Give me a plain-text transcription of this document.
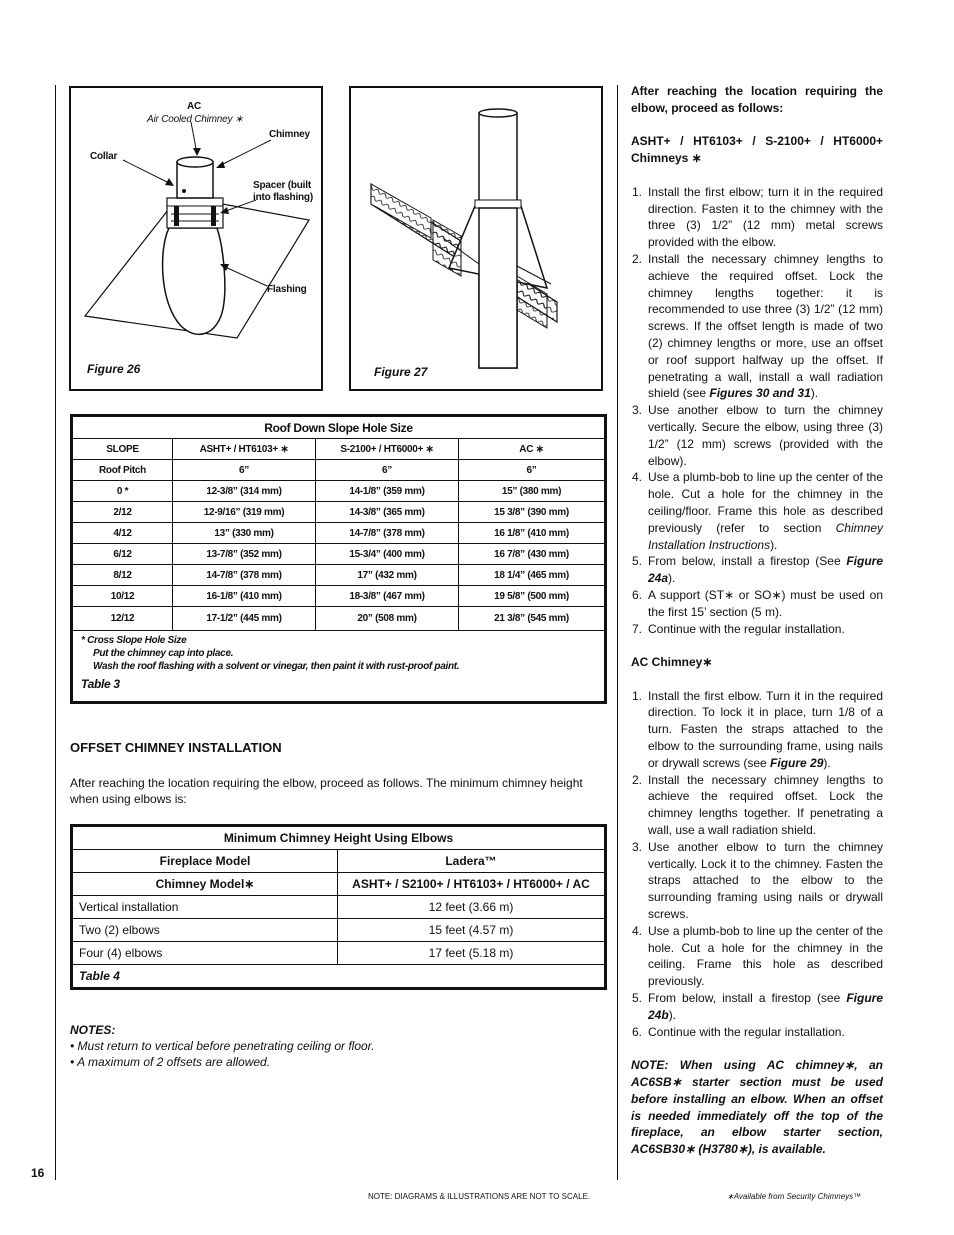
AC
Air Cooled Chimney ∗
Chimney
Collar
Spacer (built
into flashing)
Flashing
Figure 26	Figure 27
Roof Down Slope Hole Size			
SLOPE	ASHT+ / HT6103+ ∗	S-2100+ / HT6000+ ∗	AC ∗
Roof Pitch	6”	6”	6”
0 *	12-3/8” (314 mm)	14-1/8” (359 mm)	15” (380 mm)
2/12	12-9/16” (319 mm)	14-3/8” (365 mm)	15 3/8” (390 mm)
4/12	13” (330 mm)	14-7/8” (378 mm)	16 1/8” (410 mm)
6/12	13-7/8” (352 mm)	15-3/4” (400 mm)	16 7/8” (430 mm)
8/12	14-7/8” (378 mm)	17” (432 mm)	18 1/4” (465 mm)
10/12	16-1/8” (410 mm)	18-3/8” (467 mm)	19 5/8” (500 mm)
12/12	17-1/2” (445 mm)	20” (508 mm)	21 3/8” (545 mm)

* Cross Slope Hole Size
Put the chimney cap into place.
Wash the roof flashing with a solvent or vinegar, then paint it with rust-proof paint.
Table 3			
OFFSET CHIMNEY INSTALLATION
After reaching the location requiring the elbow, proceed as follows. The minimum chimney height when using elbows is:
Minimum Chimney Height Using Elbows	
Fireplace Model	Ladera™
Chimney Model∗	ASHT+ / S2100+ / HT6103+ / HT6000+ / AC
Vertical installation	12 feet (3.66 m)
Two (2) elbows	15 feet (4.57 m)
Four (4) elbows	17 feet (5.18 m)
Table 4	
NOTES:
• Must return to vertical before penetrating ceiling or floor.
• A maximum of 2 offsets are allowed.

After reaching the location requiring the elbow, proceed as follows:

ASHT+ / HT6103+ / S-2100+ / HT6000+ Chimneys ∗

1. Install the first elbow; turn it in the required direction. Fasten it to the chimney with the three (3) 1/2” (12 mm) metal screws provided with the elbow.
2. Install the necessary chimney lengths to achieve the required offset. Lock the chimney lengths together: it is recommended to use three (3) 1/2” (12 mm) screws. If the offset length is made of two (2) chimney lengths or more, use an offset or roof support halfway up the offset. If penetrating a wall, install a wall radiation shield (see Figures 30 and 31).
3. Use another elbow to turn the chimney vertically. Secure the elbow, using three (3) 1/2” (12 mm) screws (provided with the elbow).
4. Use a plumb-bob to line up the center of the hole. Cut a hole for the chimney in the ceiling/floor. Frame this hole as described previously (refer to section Chimney Installation Instructions).
5. From below, install a firestop (See Figure 24a).
6. A support (ST∗ or SO∗) must be used on the first 15’ section (5 m).
7. Continue with the regular installation.

AC Chimney∗

1. Install the first elbow. Turn it in the required direction. To lock it in place, turn 1/8 of a turn. Fasten the straps attached to the elbow to the surrounding frame, using nails or drywall screws (see Figure 29).
2. Install the necessary chimney lengths to achieve the required offset. Lock the chimney lengths together. If penetrating a wall, use a wall radiation shield.
3. Use another elbow to turn the chimney vertically. Lock it to the chimney. Fasten the straps attached to the elbow to the surrounding framing using nails or drywall screws.
4. Use a plumb-bob to line up the center of the hole. Cut a hole for the chimney in the ceiling. Frame this hole as described previously.
5. From below, install a firestop (see Figure 24b).
6. Continue with the regular installation.

NOTE: When using AC chimney∗, an AC6SB∗ starter section must be used before installing an elbow. When an offset is needed immediately off the top of the fireplace, an elbow starter section, AC6SB30∗ (H3780∗), is available.

16
NOTE: DIAGRAMS & ILLUSTRATIONS ARE NOT TO SCALE.	∗Available from Security Chimneys™
